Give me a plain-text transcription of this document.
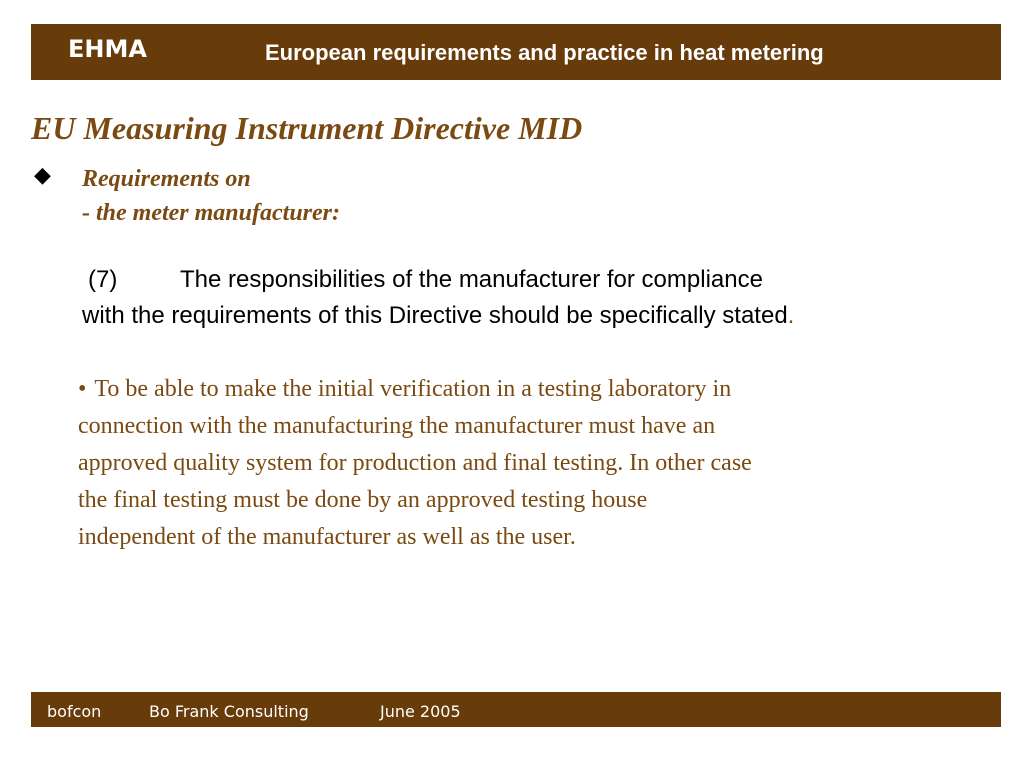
EHMA	European requirements and practice in heat metering
EU Measuring Instrument Directive MID
◆ Requirements on
- the meter manufacturer:
(7)	The responsibilities of the manufacturer for compliance
with the requirements of this Directive should be specifically stated.
• To be able to make the initial verification in a testing laboratory in
connection with the manufacturing the manufacturer must have an
approved quality system for production and final testing. In other case
the final testing must be done by an approved testing house
independent of the manufacturer as well as the user.
bofcon	Bo Frank Consulting	June 2005
